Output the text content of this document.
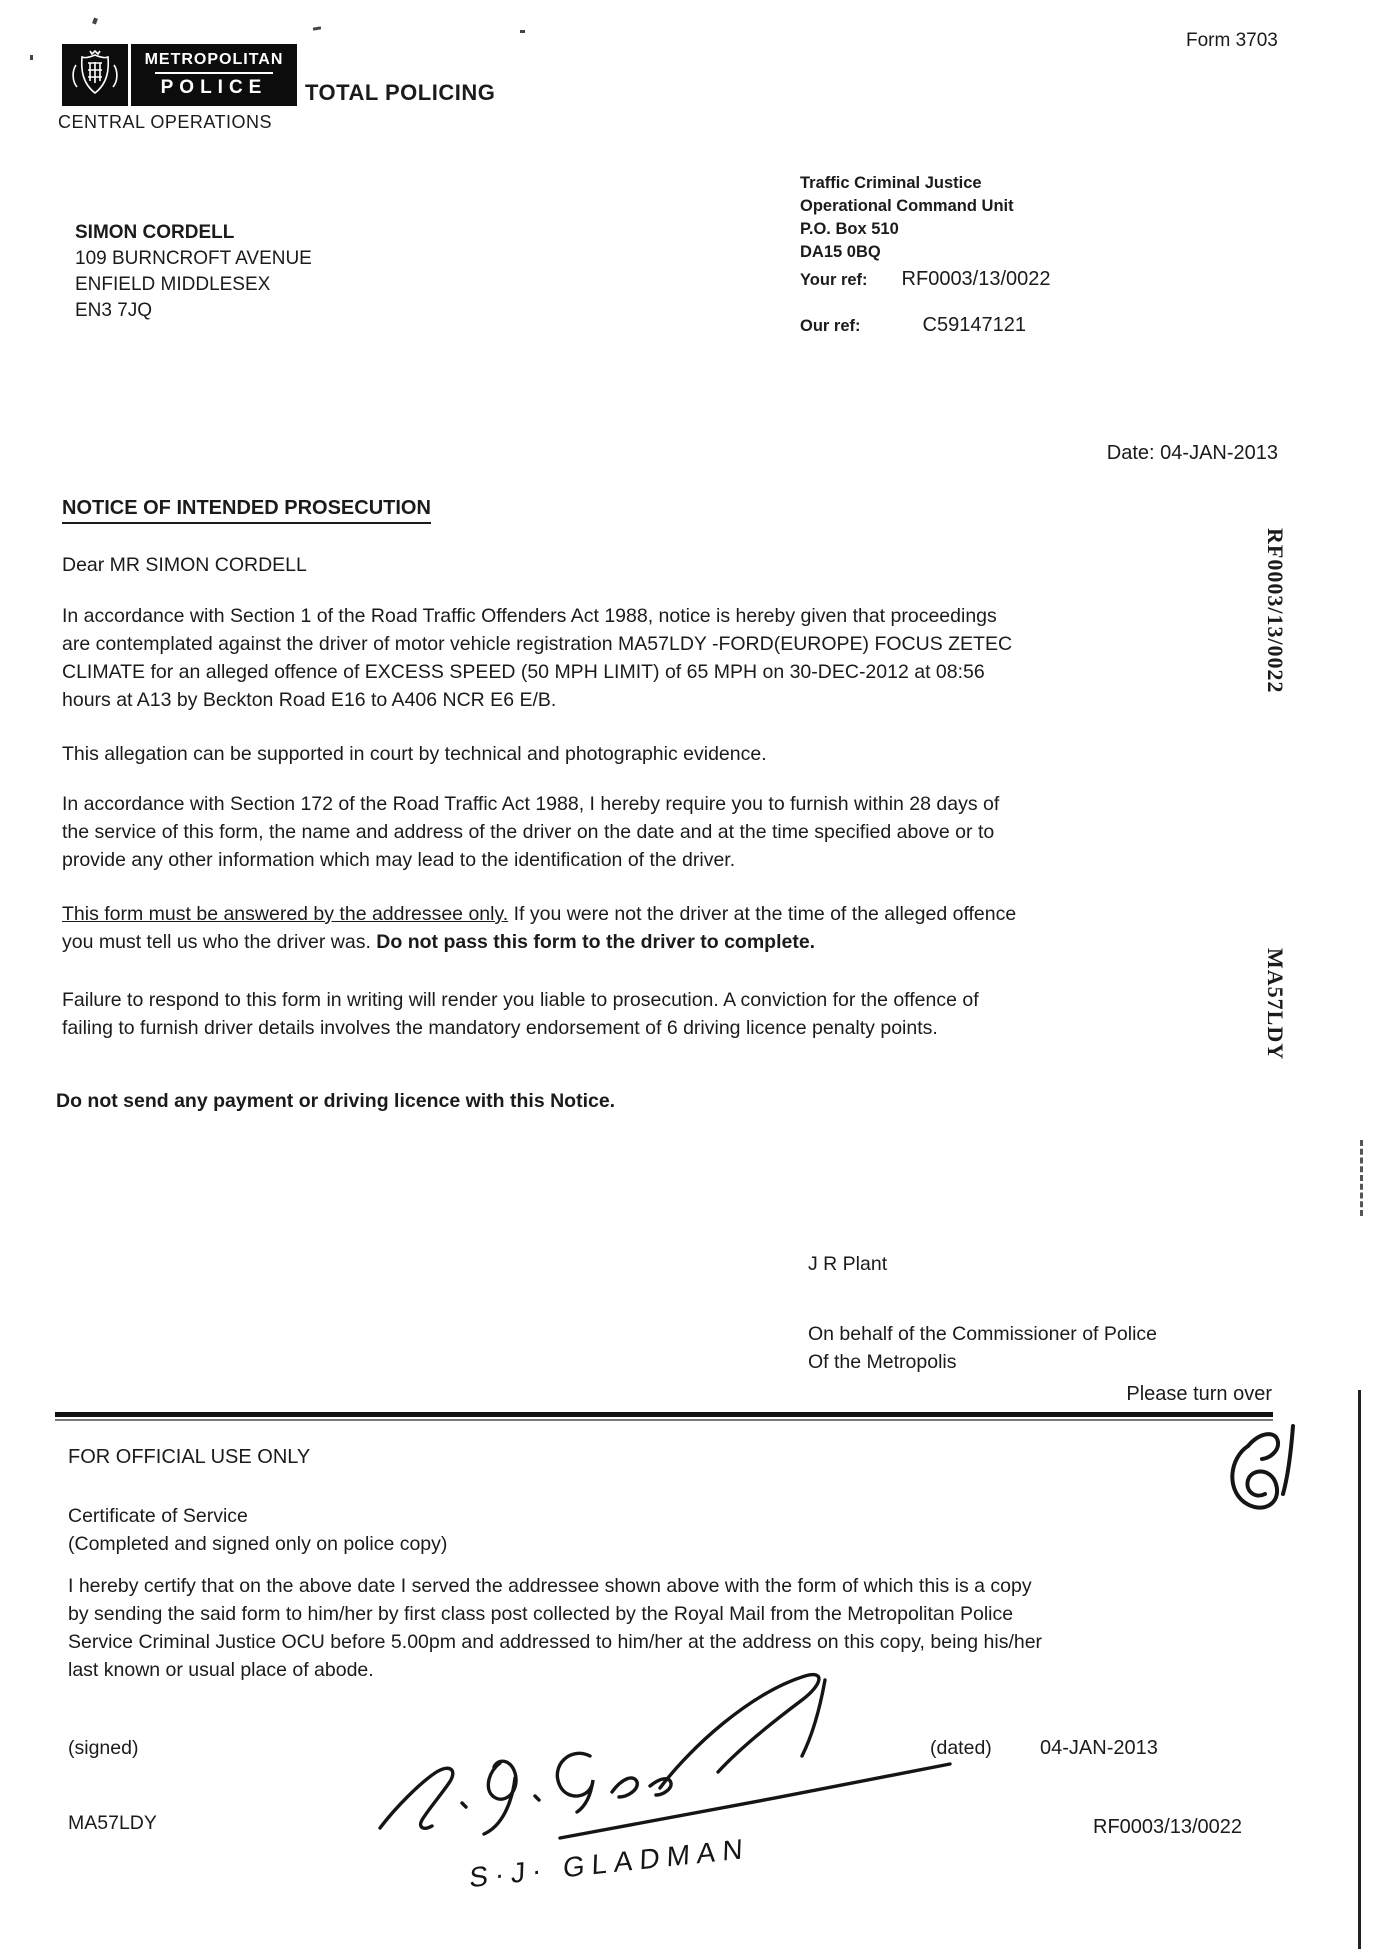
Form 3703
METROPOLITAN
POLICE TOTAL POLICING
CENTRAL OPERATIONS
SIMON CORDELL
109 BURNCROFT AVENUE
ENFIELD MIDDLESEX
EN3 7JQ
Traffic Criminal Justice
Operational Command Unit
P.O. Box 510
DA15 0BQ
Your ref: RF0003/13/0022
Our ref:	C59147121
Date: 04-JAN-2013
NOTICE OF INTENDED PROSECUTION
Dear MR SIMON CORDELL
In accordance with Section 1 of the Road Traffic Offenders Act 1988, notice is hereby given that proceedings are contemplated against the driver of motor vehicle registration MA57LDY -FORD(EUROPE) FOCUS ZETEC CLIMATE for an alleged offence of EXCESS SPEED (50 MPH LIMIT) of 65 MPH on 30-DEC-2012 at 08:56 hours at A13 by Beckton Road E16 to A406 NCR E6 E/B.
This allegation can be supported in court by technical and photographic evidence.
In accordance with Section 172 of the Road Traffic Act 1988, I hereby require you to furnish within 28 days of the service of this form, the name and address of the driver on the date and at the time specified above or to provide any other information which may lead to the identification of the driver.
This form must be answered by the addressee only. If you were not the driver at the time of the alleged offence you must tell us who the driver was. Do not pass this form to the driver to complete.
Failure to respond to this form in writing will render you liable to prosecution. A conviction for the offence of failing to furnish driver details involves the mandatory endorsement of 6 driving licence penalty points.
Do not send any payment or driving licence with this Notice.
RF0003/13/0022
MA57LDY
J R Plant
On behalf of the Commissioner of Police
Of the Metropolis
Please turn over
FOR OFFICIAL USE ONLY
Certificate of Service
(Completed and signed only on police copy)
I hereby certify that on the above date I served the addressee shown above with the form of which this is a copy by sending the said form to him/her by first class post collected by the Royal Mail from the Metropolitan Police Service Criminal Justice OCU before 5.00pm and addressed to him/her at the address on this copy, being his/her last known or usual place of abode.
(signed)	(dated) 04-JAN-2013
MA57LDY	RF0003/13/0022
S·J· GLADMAN
